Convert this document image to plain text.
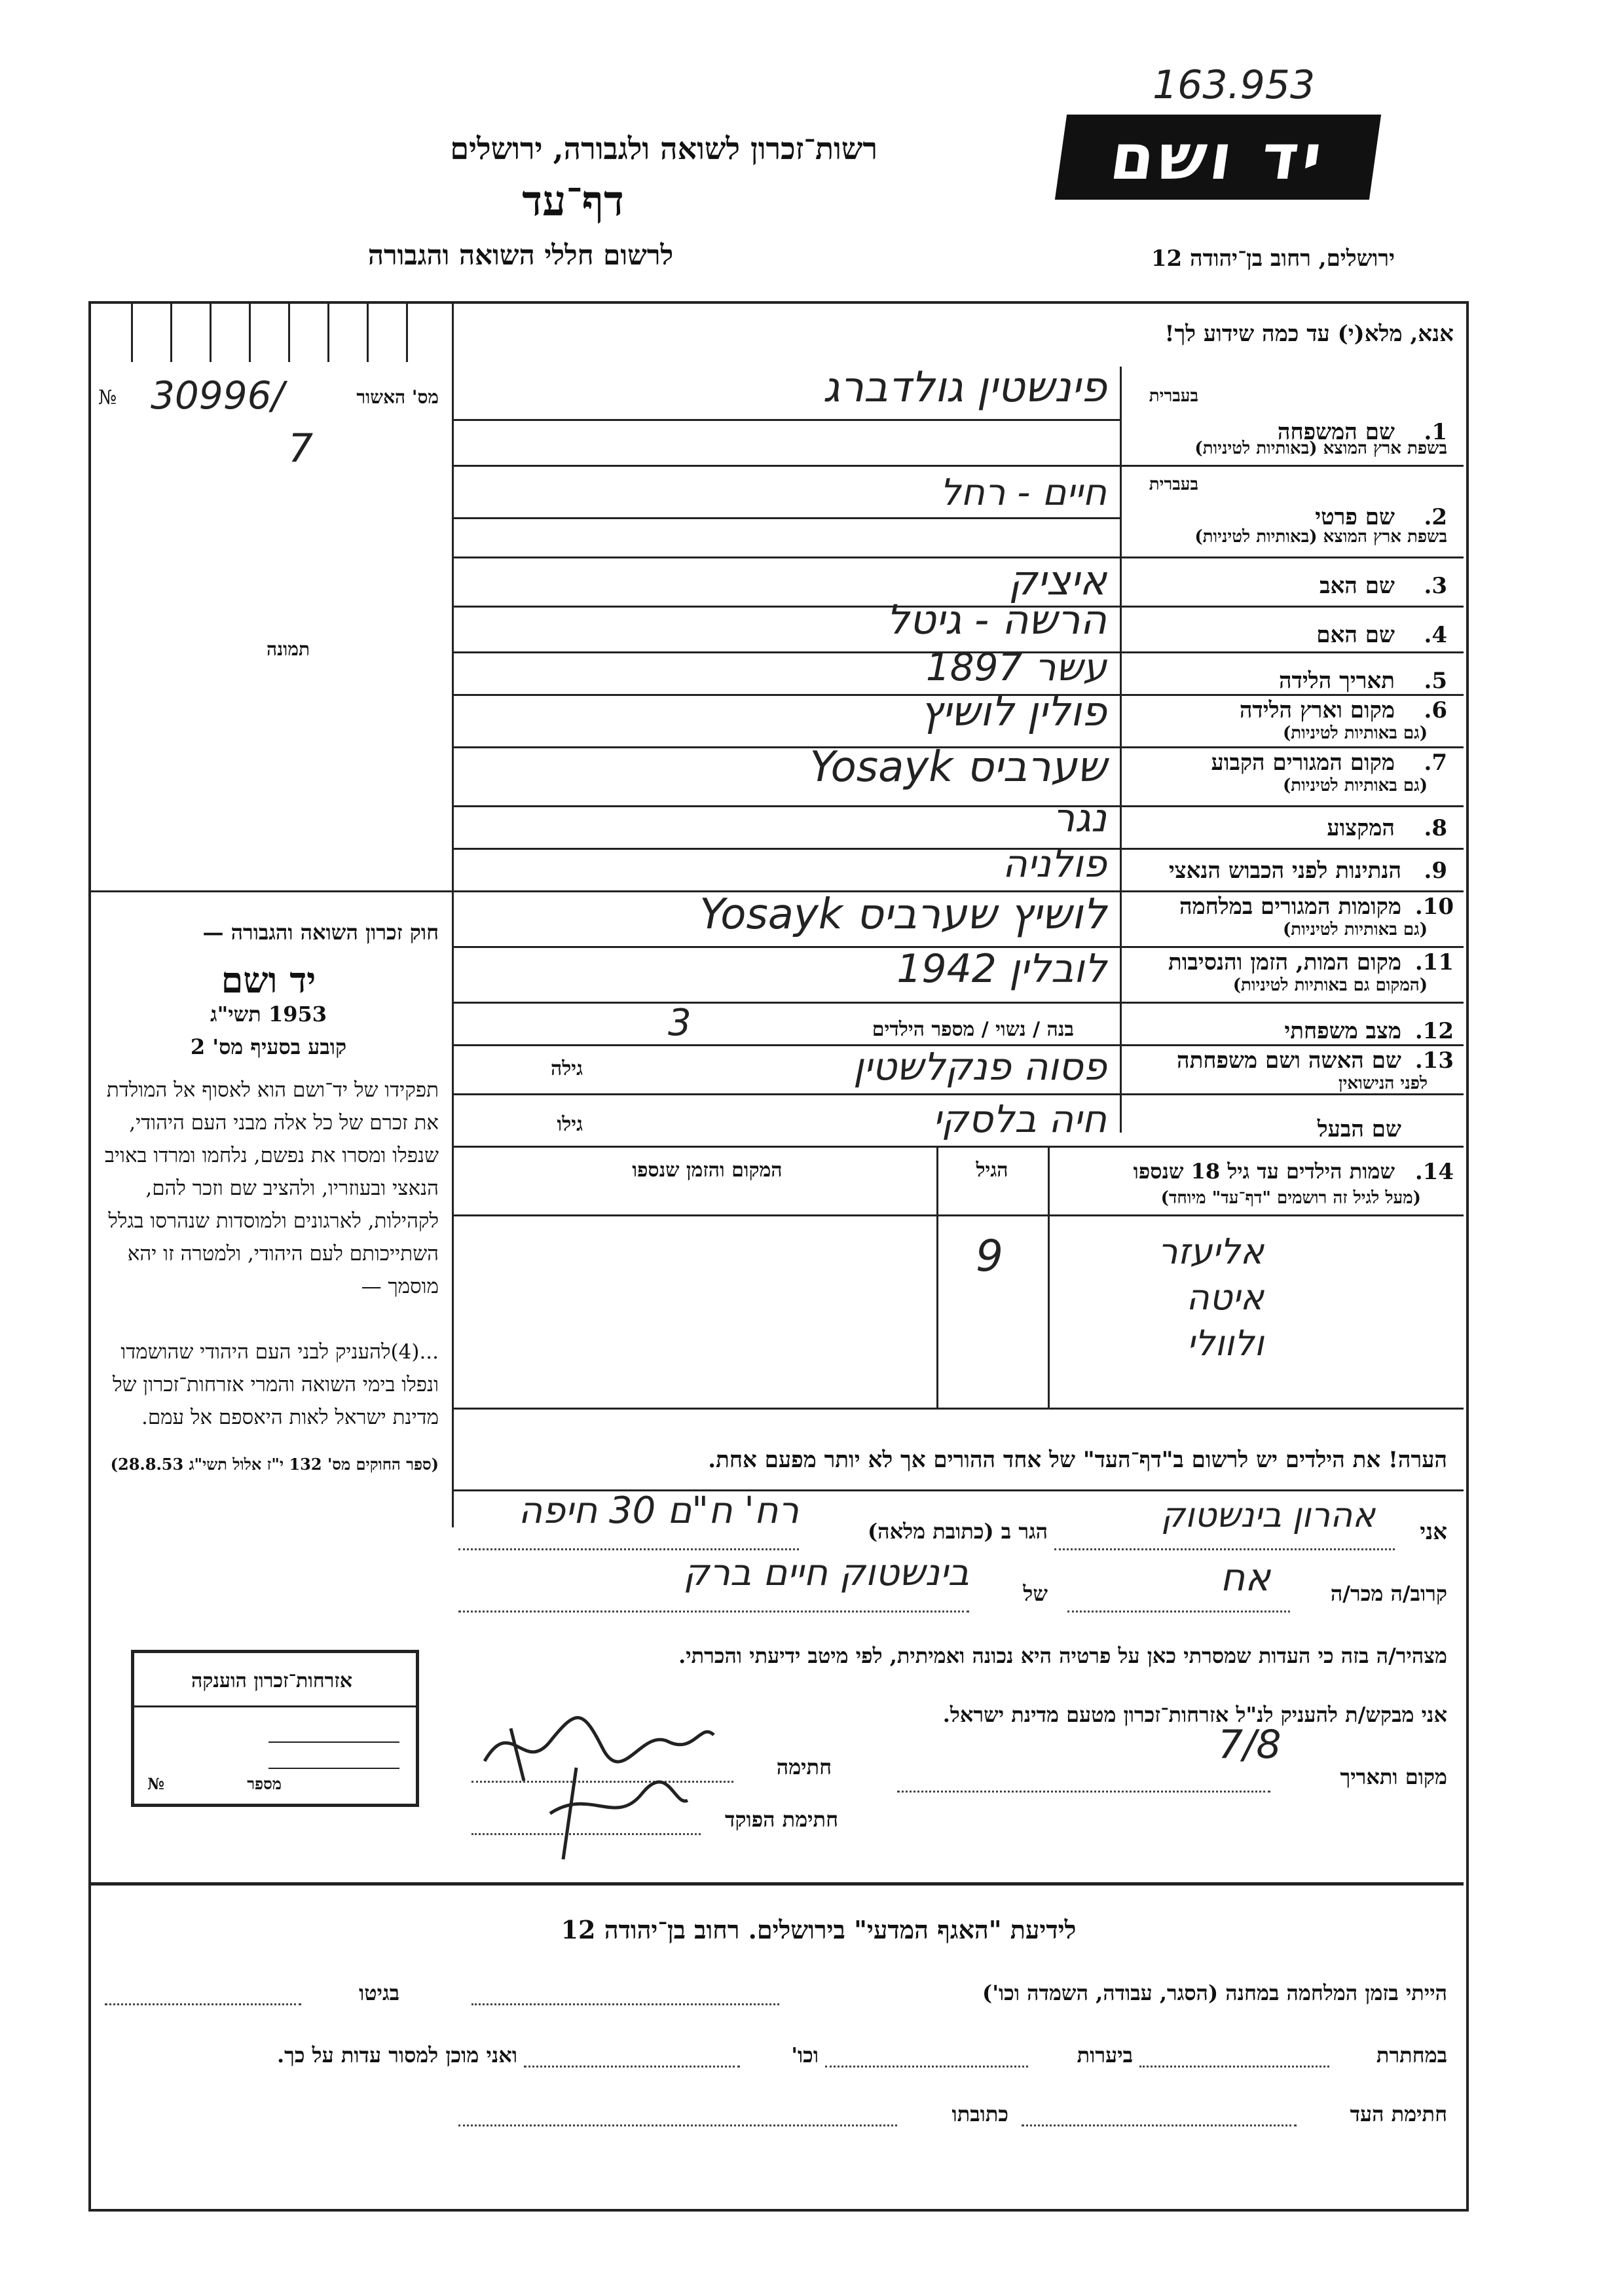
163.953
רשות־זכרון לשואה ולגבורה, ירושלים
דף־עד
לרשום חללי השואה והגבורה
יד ושם
ירושלים, רחוב בן־יהודה 12
№ 30996/
7
מס' האשור
תמונה
חוק זכרון השואה והגבורה —
יד ושם
1953 תשי"ג
קובע בסעיף מס' 2
תפקידו של יד־ושם הוא לאסוף אל המולדת את זכרם של כל אלה מבני העם היהודי, שנפלו ומסרו את נפשם, נלחמו ומרדו באויב הנאצי ובעוזריו, ולהציב שם וזכר להם, לקהילות, לארגונים ולמוסדות שנהרסו בגלל השתייכותם לעם היהודי, ולמטרה זו יהא מוסמך —
...(4)להעניק לבני העם היהודי שהושמדו ונפלו בימי השואה והמרי אזרחות־זכרון של מדינת ישראל לאות היאספם אל עמם.
(ספר החוקים מס' 132 י"ז אלול תשי"ג 28.8.53)
אנא, מלא(י) עד כמה שידוע לך!
1.
שם המשפחה
בשפת ארץ המוצא (באותיות לטיניות)
בעברית
פינשטין גולדברג
בעברית
2.
שם פרטי
בשפת ארץ המוצא (באותיות לטיניות)
חיים - רחל
3.
שם האב
איציק
4.
שם האם
הרשה - גיטל
5.
תאריך הלידה
עשר 1897
6.
מקום וארץ הלידה
(גם באותיות לטיניות)
פולין לושיץ
7.
מקום המגורים הקבוע
(גם באותיות לטיניות)
שערביס Yosayk
8.
המקצוע
נגר
9.
הנתינות לפני הכבוש הנאצי
פולניה
10.
מקומות המגורים במלחמה
(גם באותיות לטיניות)
לושיץ שערביס Yosayk
11.
מקום המות, הזמן והנסיבות
(המקום גם באותיות לטיניות)
לובלין 1942
12.
מצב משפחתי
בנה / נשוי / מספר הילדים
3
13.
שם האשה ושם משפחתה
לפני הנישואין
גילה	פסוה פנקלשטין
שם הבעל
גילו	חיה בלסקי
14.
שמות הילדים עד גיל 18 שנספו
(מעל לגיל זה רושמים "דף־עד" מיוחד)
הגיל
המקום והזמן שנספו
אליעזר
9
איטה
ולוולי
הערה! את הילדים יש לרשום ב"דף־העד" של אחד ההורים אך לא יותר מפעם אחת.
אני
אהרון בינשטוק
הגר ב (כתובת מלאה)
רח' ח"ם 30 חיפה
קרוב/ה מכר/ה
אח
של
בינשטוק חיים ברק
מצהיר/ה בזה כי העדות שמסרתי כאן על פרטיה היא נכונה ואמיתית, לפי מיטב ידיעתי והכרתי.
אני מבקש/ת להעניק לנ"ל אזרחות־זכרון מטעם מדינת ישראל.
מקום ותאריך
7/8
חתימה
חתימת הפוקד
אזרחות־זכרון הוענקה
№	מספר
לידיעת "האגף המדעי" בירושלים. רחוב בן־יהודה 12
הייתי בזמן המלחמה במחנה (הסגר, עבודה, השמדה וכו')
בגיטו
במחתרת
ביערות
וכו'
ואני מוכן למסור עדות על כך.
חתימת העד
כתובתו
